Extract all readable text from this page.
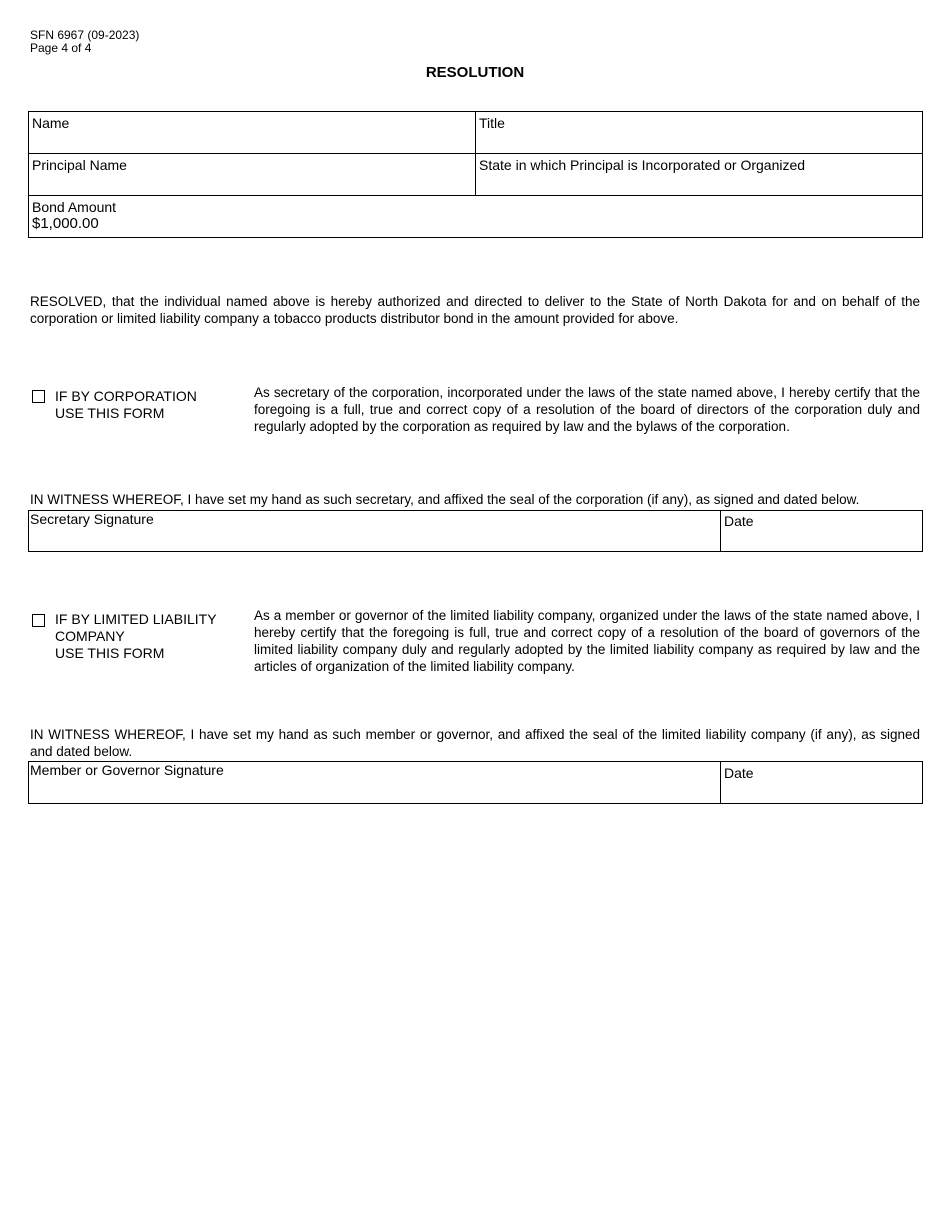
SFN 6967 (09-2023)
Page 4 of 4
RESOLUTION
Name	Title
Principal Name	State in which Principal is Incorporated or Organized
Bond Amount
$1,000.00
RESOLVED, that the individual named above is hereby authorized and directed to deliver to the State of North Dakota for and on behalf of the corporation or limited liability company a tobacco products distributor bond in the amount provided for above.
IF BY CORPORATION
USE THIS FORM
As secretary of the corporation, incorporated under the laws of the state named above, I hereby certify that the foregoing is a full, true and correct copy of a resolution of the board of directors of the corporation duly and regularly adopted by the corporation as required by law and the bylaws of the corporation.
IN WITNESS WHEREOF, I have set my hand as such secretary, and affixed the seal of the corporation (if any), as signed and dated below.
Secretary Signature	Date
IF BY LIMITED LIABILITY
COMPANY
USE THIS FORM
As a member or governor of the limited liability company, organized under the laws of the state named above, I hereby certify that the foregoing is full, true and correct copy of a resolution of the board of governors of the limited liability company duly and regularly adopted by the limited liability company as required by law and the articles of organization of the limited liability company.
IN WITNESS WHEREOF, I have set my hand as such member or governor, and affixed the seal of the limited liability company (if any), as signed and dated below.
Member or Governor Signature	Date
